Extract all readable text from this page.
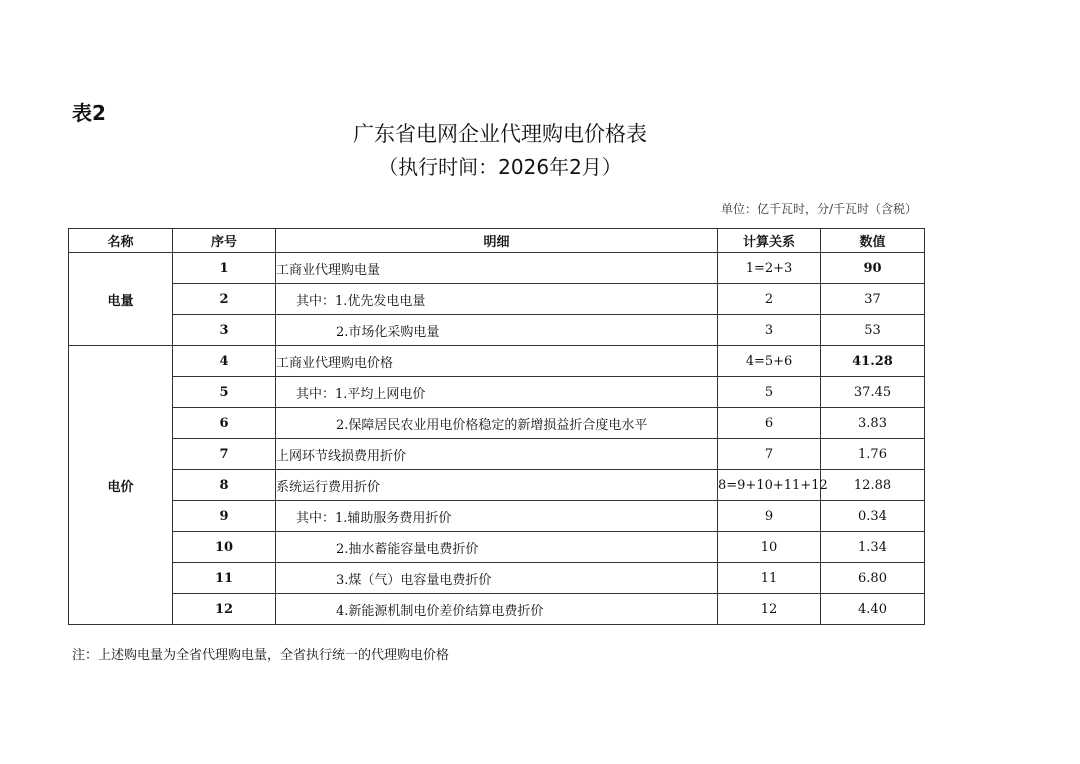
表2
广东省电网企业代理购电价格表
（执行时间：2026年2月）
单位：亿千瓦时，分/千瓦时（含税）
名称	序号	明细	计算关系	数值
电量	1	工商业代理购电量	1=2+3	90
	2	其中：1.优先发电电量	2	37
	3	2.市场化采购电量	3	53
电价	4	工商业代理购电价格	4=5+6	41.28
	5	其中：1.平均上网电价	5	37.45
	6	2.保障居民农业用电价格稳定的新增损益折合度电水平	6	3.83
	7	上网环节线损费用折价	7	1.76
	8	系统运行费用折价	8=9+10+11+12	12.88
	9	其中：1.辅助服务费用折价	9	0.34
	10	2.抽水蓄能容量电费折价	10	1.34
	11	3.煤（气）电容量电费折价	11	6.80
	12	4.新能源机制电价差价结算电费折价	12	4.40
注：上述购电量为全省代理购电量，全省执行统一的代理购电价格
